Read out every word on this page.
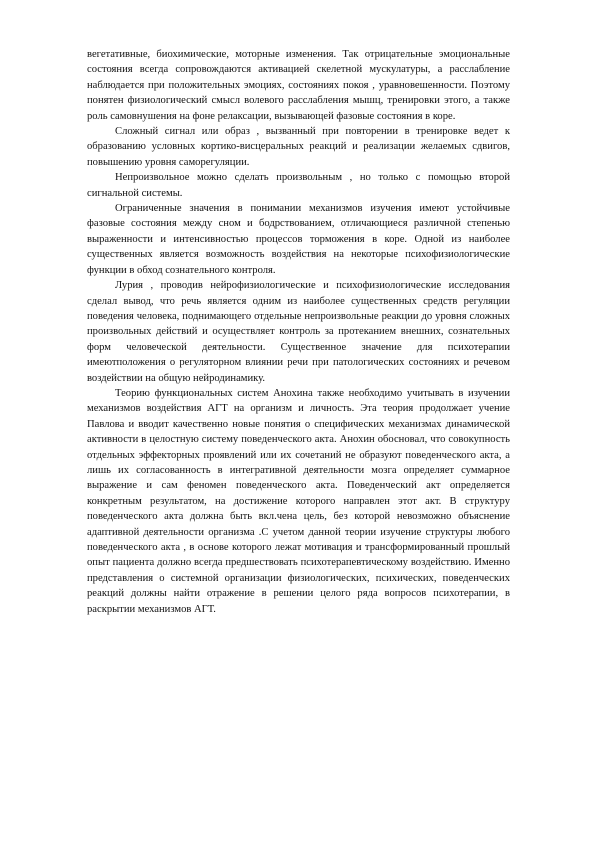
вегетативные, биохимические, моторные изменения. Так отрицательные эмоциональные состояния всегда сопровождаются активацией скелетной мускулатуры, а расслабление наблюдается при положительных эмоциях, состояниях покоя , уравновешенности. Поэтому понятен физиологический смысл волевого расслабления мышц, тренировки этого, а также роль самовнушения на фоне релаксации, вызывающей фазовые состояния в коре.

Сложный сигнал или образ , вызванный при повторении в тренировке ведет к образованию условных кортико-висцеральных реакций и реализации желаемых сдвигов, повышению уровня саморегуляции.

Непроизвольное можно сделать произвольным , но только с помощью второй сигнальной системы.

Ограниченные значения в понимании механизмов изучения имеют устойчивые фазовые состояния между сном и бодрствованием, отличающиеся различной степенью выраженности и интенсивностью процессов торможения в коре. Одной из наиболее существенных является возможность воздействия на некоторые психофизиологические функции в обход сознательного контроля.

Лурия , проводив нейрофизиологические и психофизиологические исследования сделал вывод, что речь является одним из наиболее существенных средств регуляции поведения человека, поднимающего отдельные непроизвольные реакции до уровня сложных произвольных действий и осуществляет контроль за протеканием внешних, сознательных форм человеческой деятельности. Существенное значение для психотерапии имеютположения о регуляторном влиянии речи при патологических состояниях и речевом воздействии на общую нейродинамику.

Теорию функциональных систем Анохина также необходимо учитывать в изучении механизмов воздействия АГТ на организм и личность. Эта теория продолжает учение Павлова и вводит качественно новые понятия о специфических механизмах динамической активности в целостную систему поведенческого акта. Анохин обосновал, что совокупность отдельных эффекторных проявлений или их сочетаний не образуют поведенческого акта, а лишь их согласованность в интегративной деятельности мозга определяет суммарное выражение и сам феномен поведенческого акта. Поведенческий акт определяется конкретным результатом, на достижение которого направлен этот акт. В структуру поведенческого акта должна быть вкл.чена цель, без которой невозможно объяснение адаптивной деятельности организма .С учетом данной теории изучение структуры любого поведенческого акта , в основе которого лежат мотивация и трансформированный прошлый опыт пациента должно всегда предшествовать психотерапевтическому воздействию. Именно представления о системной организации физиологических, психических, поведенческих реакций должны найти отражение в решении целого ряда вопросов психотерапии, в раскрытии механизмов АГТ.
